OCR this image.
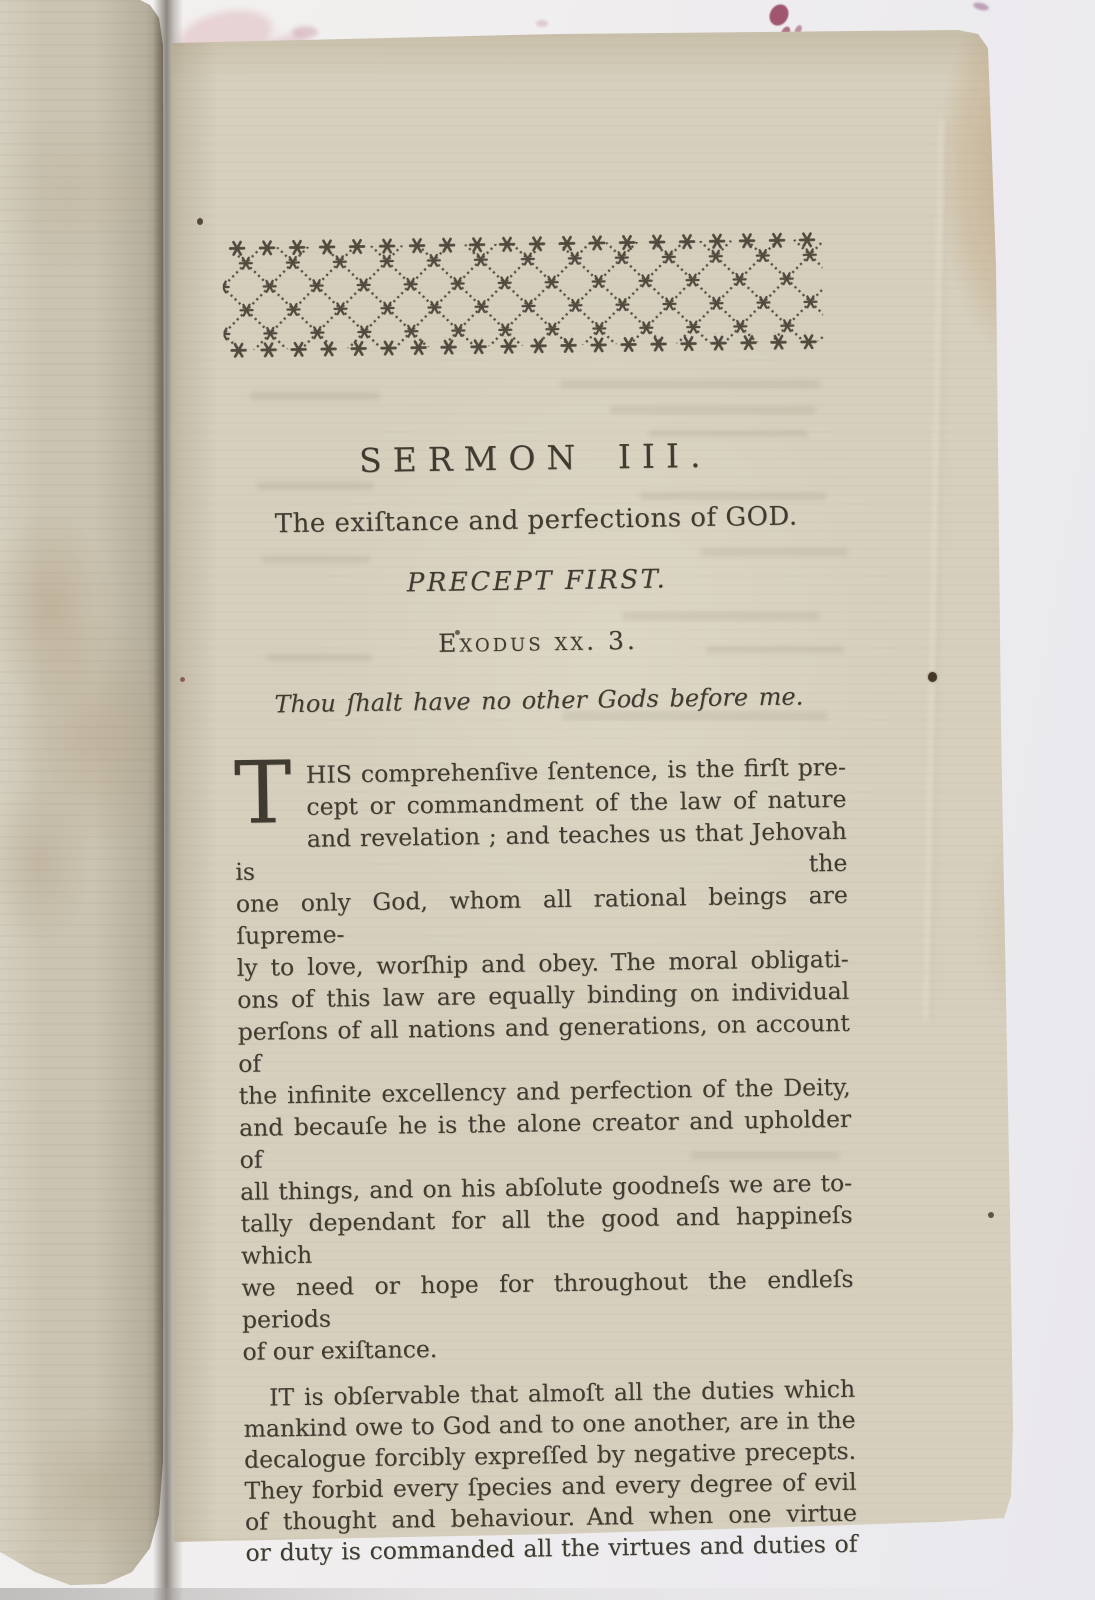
SERMON III.
The exiſtance and perfections of GOD.
PRECEPT FIRST.
Exodus xx. 3.
Thou ſhalt have no other Gods before me.
T HIS comprehenſive ſentence, is the firſt pre-
cept or commandment of the law of nature
and revelation ; and teaches us that Jehovah is the
one only God, whom all rational beings are ſupreme-
ly to love, worſhip and obey. The moral obligati-
ons of this law are equally binding on individual
perſons of all nations and generations, on account of
the infinite excellency and perfection of the Deity,
and becauſe he is the alone creator and upholder of
all things, and on his abſolute goodneſs we are to-
tally dependant for all the good and happineſs which
we need or hope for throughout the endleſs periods
of our exiſtance.
IT is obſervable that almoſt all the duties which
mankind owe to God and to one another, are in the
decalogue forcibly expreſſed by negative precepts.
They forbid every ſpecies and every degree of evil
of thought and behaviour. And when one virtue
or duty is commanded all the virtues and duties of
